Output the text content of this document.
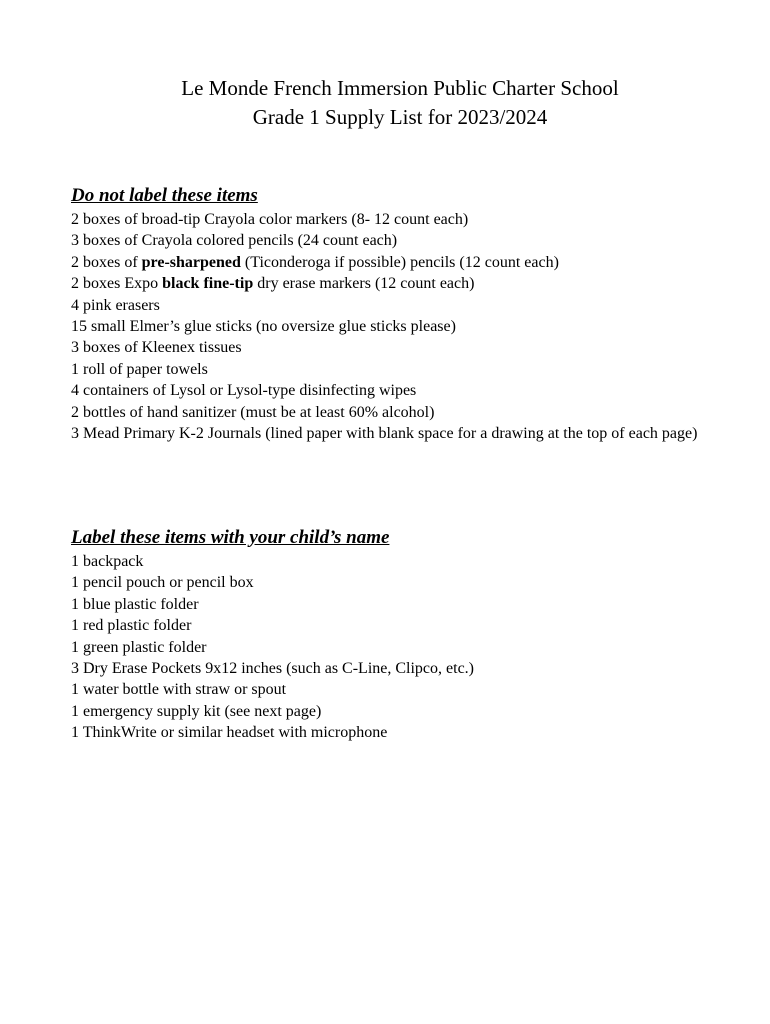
Le Monde French Immersion Public Charter School
Grade 1 Supply List for 2023/2024
Do not label these items
2 boxes of broad-tip Crayola color markers (8- 12 count each)
3 boxes of Crayola colored pencils (24 count each)
2 boxes of pre-sharpened (Ticonderoga if possible) pencils (12 count each)
2 boxes Expo black fine-tip dry erase markers (12 count each)
4 pink erasers
15 small Elmer’s glue sticks (no oversize glue sticks please)
3 boxes of Kleenex tissues
1 roll of paper towels
4 containers of Lysol or Lysol-type disinfecting wipes
2 bottles of hand sanitizer (must be at least 60% alcohol)
3 Mead Primary K-2 Journals (lined paper with blank space for a drawing at the top of each page)
Label these items with your child’s name
1 backpack
1 pencil pouch or pencil box
1 blue plastic folder
1 red plastic folder
1 green plastic folder
3 Dry Erase Pockets 9x12 inches (such as C-Line, Clipco, etc.)
1 water bottle with straw or spout
1 emergency supply kit (see next page)
1 ThinkWrite or similar headset with microphone
